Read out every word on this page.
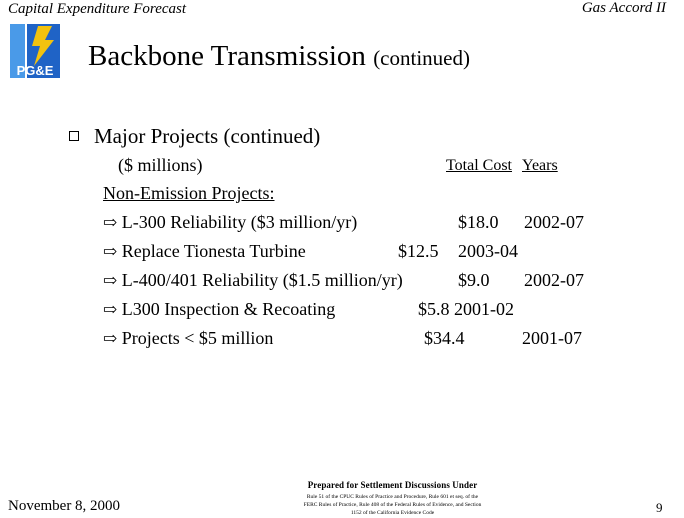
Capital Expenditure Forecast	Gas Accord II
PG&E Backbone Transmission (continued)
Major Projects (continued)
($ millions)	Total Cost Years
Non-Emission Projects:
⇨ L-300 Reliability ($3 million/yr)	$18.0 2002-07
⇨ Replace Tionesta Turbine	$12.5 2003-04
⇨ L-400/401 Reliability ($1.5 million/yr)	$9.0 2002-07
⇨ L300 Inspection & Recoating	$5.8 2001-02
⇨ Projects < $5 million	$34.4	2001-07
November 8, 2000
Prepared for Settlement Discussions Under
Rule 51 of the CPUC Rules of Practice and Procedure, Rule 601 et seq. of the
FERC Rules of Practice, Rule 408 of the Federal Rules of Evidence, and Section
1152 of the California Evidence Code	9
